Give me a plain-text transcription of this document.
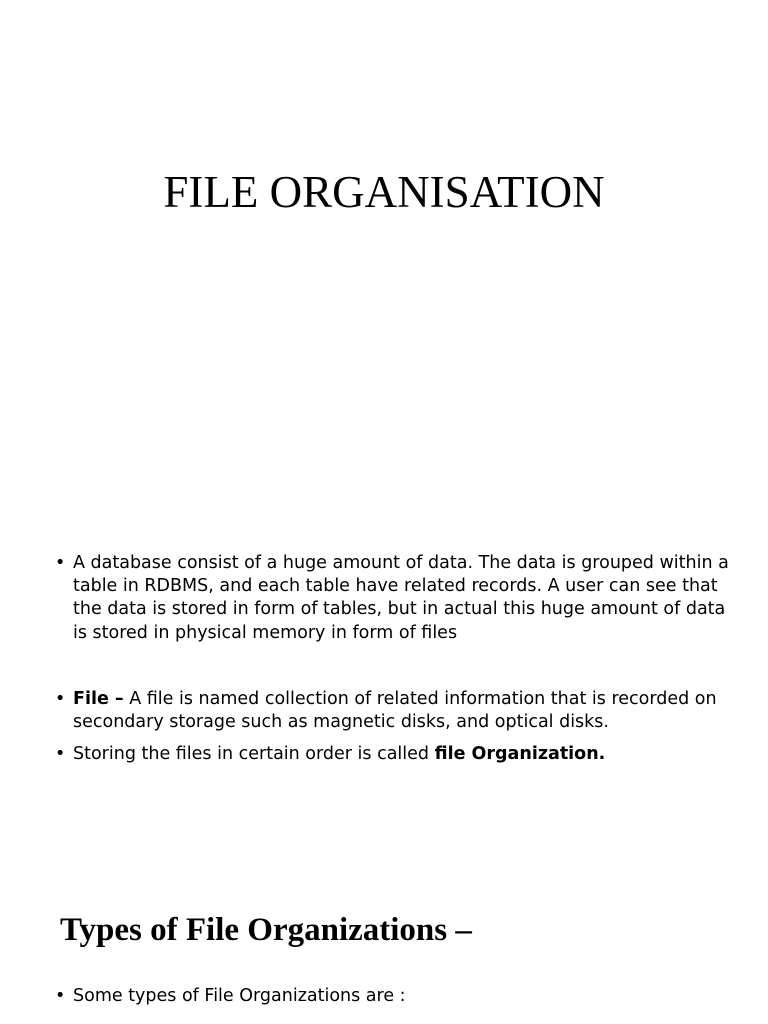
FILE ORGANISATION
• A database consist of a huge amount of data. The data is grouped within a table in RDBMS, and each table have related records. A user can see that the data is stored in form of tables, but in actual this huge amount of data is stored in physical memory in form of files
• File – A file is named collection of related information that is recorded on secondary storage such as magnetic disks, and optical disks.
• Storing the files in certain order is called file Organization.
Types of File Organizations –
• Some types of File Organizations are :
